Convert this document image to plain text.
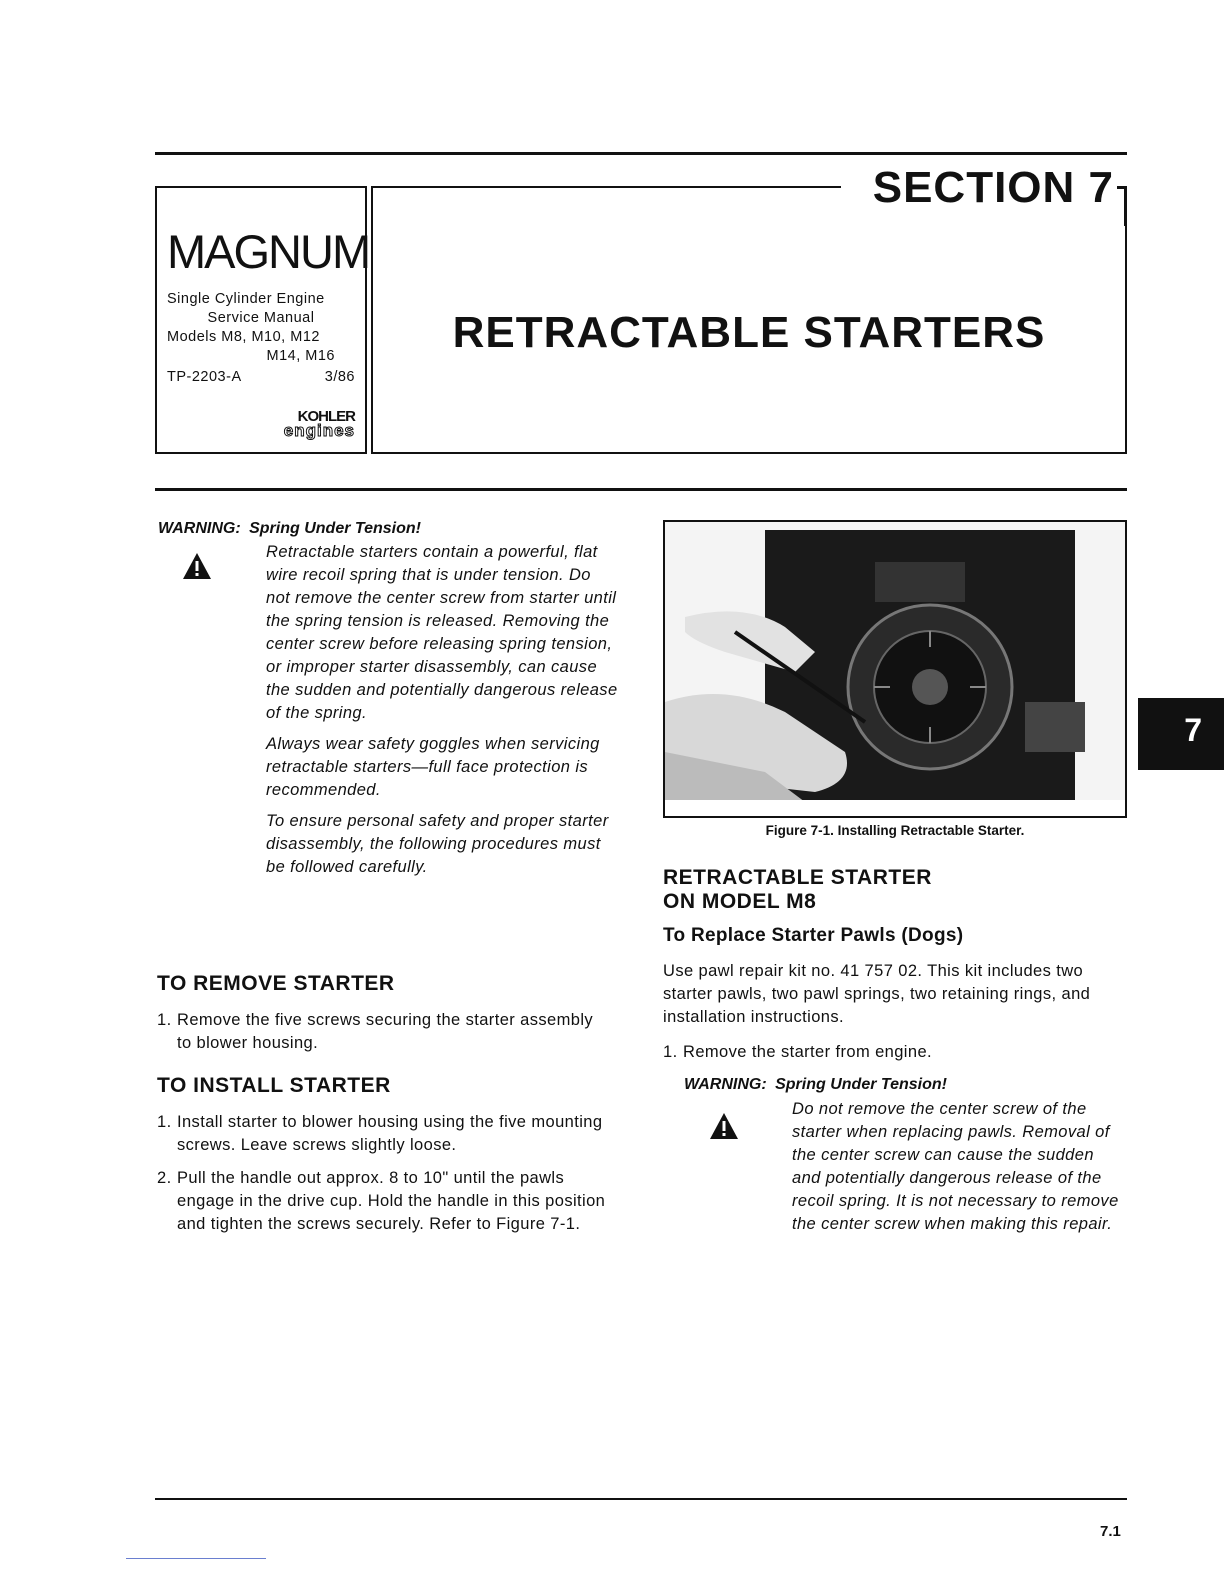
MAGNUM
Single Cylinder Engine
Service Manual
Models M8, M10, M12
M14, M16
TP-2203-A	3/86
KOHLER
engines
SECTION 7
RETRACTABLE STARTERS
WARNING: Spring Under Tension!

Retractable starters contain a powerful, flat wire recoil spring that is under tension. Do not remove the center screw from starter until the spring tension is released. Removing the center screw before releasing spring tension, or improper starter disassembly, can cause the sudden and potentially dangerous release of the spring.

Always wear safety goggles when servicing retractable starters—full face protection is recommended.

To ensure personal safety and proper starter disassembly, the following procedures must be followed carefully.

TO REMOVE STARTER
1. Remove the five screws securing the starter assembly to blower housing.
TO INSTALL STARTER
1. Install starter to blower housing using the five mounting screws. Leave screws slightly loose.
2. Pull the handle out approx. 8 to 10" until the pawls engage in the drive cup. Hold the handle in this position and tighten the screws securely. Refer to Figure 7-1.
Figure 7-1. Installing Retractable Starter.
RETRACTABLE STARTER
ON MODEL M8
To Replace Starter Pawls (Dogs)
Use pawl repair kit no. 41 757 02. This kit includes two starter pawls, two pawl springs, two retaining rings, and installation instructions.
1. Remove the starter from engine.
WARNING: Spring Under Tension!
Do not remove the center screw of the starter when replacing pawls. Removal of the center screw can cause the sudden and potentially dangerous release of the recoil spring. It is not necessary to remove the center screw when making this repair.
7
7.1
